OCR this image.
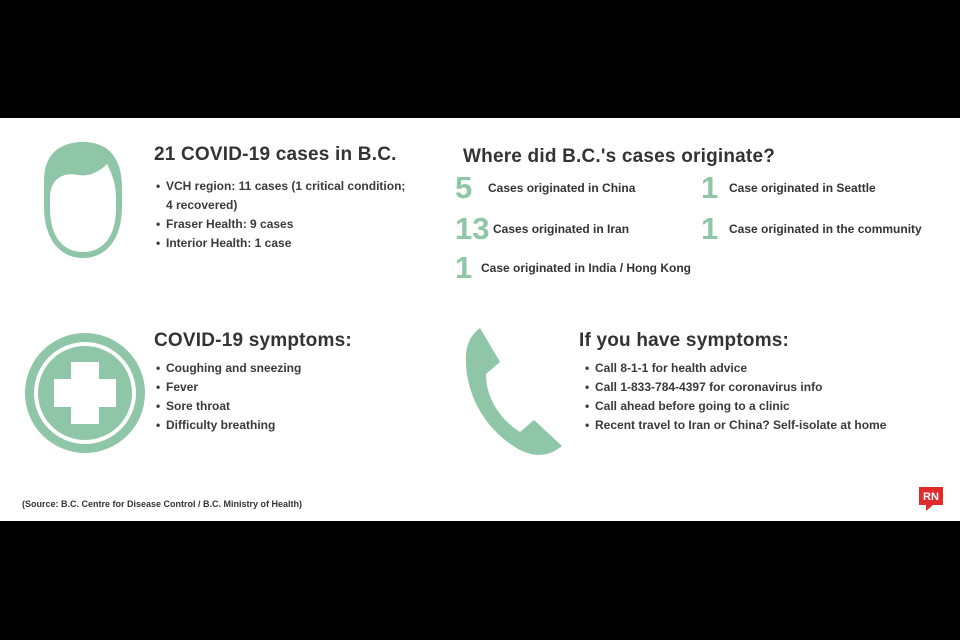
21 COVID-19 cases in B.C.
• VCH region: 11 cases (1 critical condition; 4 recovered)
• Fraser Health: 9 cases
• Interior Health: 1 case
Where did B.C.'s cases originate?
5	Cases originated in China 1 Case originated in Seattle
13 Cases originated in Iran 1 Case originated in the community
1 Case originated in India / Hong Kong
COVID-19 symptoms:
• Coughing and sneezing
• Fever
• Sore throat
• Difficulty breathing
If you have symptoms:
• Call 8-1-1 for health advice
• Call 1-833-784-4397 for coronavirus info
• Call ahead before going to a clinic
• Recent travel to Iran or China? Self-isolate at home
(Source: B.C. Centre for Disease Control / B.C. Ministry of Health)
RN
